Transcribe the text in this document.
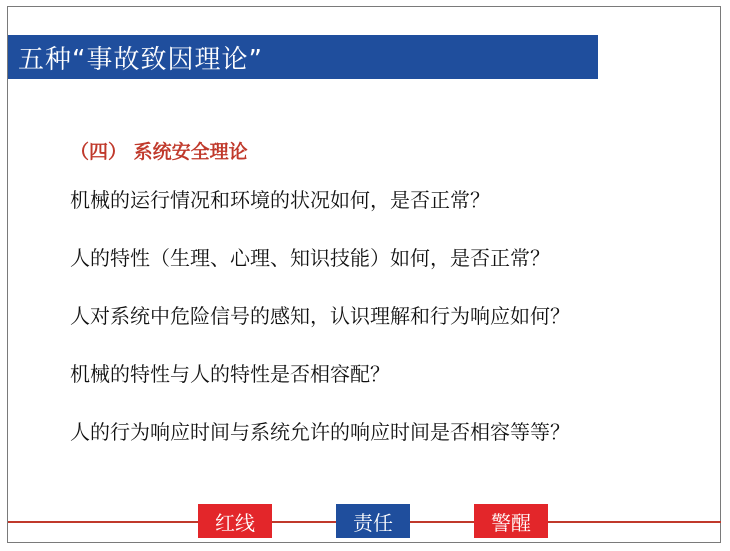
五种“事故致因理论”
（四） 系统安全理论
机械的运行情况和环境的状况如何，是否正常？
人的特性（生理、心理、知识技能）如何，是否正常？
人对系统中危险信号的感知，认识理解和行为响应如何？
机械的特性与人的特性是否相容配？
人的行为响应时间与系统允许的响应时间是否相容等等？
红线	责任	警醒
